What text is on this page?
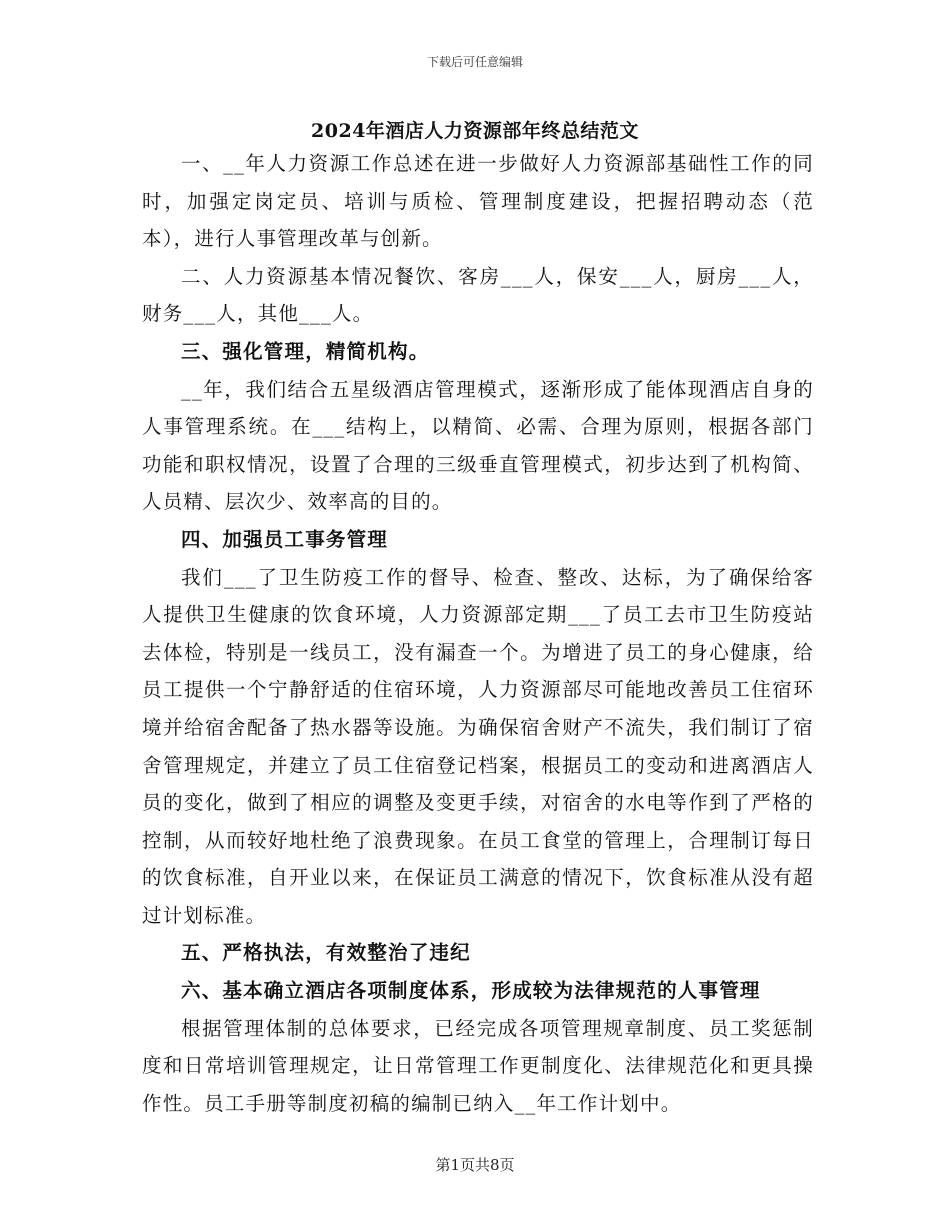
下载后可任意编辑
2024年酒店人力资源部年终总结范文

一、__年人力资源工作总述在进一步做好人力资源部基础性工作的同时，加强定岗定员、培训与质检、管理制度建设，把握招聘动态（范本），进行人事管理改革与创新。

二、人力资源基本情况餐饮、客房___人，保安___人，厨房___人，财务___人，其他___人。

三、强化管理，精简机构。

__年，我们结合五星级酒店管理模式，逐渐形成了能体现酒店自身的人事管理系统。在___结构上，以精简、必需、合理为原则，根据各部门功能和职权情况，设置了合理的三级垂直管理模式，初步达到了机构简、人员精、层次少、效率高的目的。

四、加强员工事务管理

我们___了卫生防疫工作的督导、检查、整改、达标，为了确保给客人提供卫生健康的饮食环境，人力资源部定期___了员工去市卫生防疫站去体检，特别是一线员工，没有漏查一个。为增进了员工的身心健康，给员工提供一个宁静舒适的住宿环境，人力资源部尽可能地改善员工住宿环境并给宿舍配备了热水器等设施。为确保宿舍财产不流失，我们制订了宿舍管理规定，并建立了员工住宿登记档案，根据员工的变动和进离酒店人员的变化，做到了相应的调整及变更手续，对宿舍的水电等作到了严格的控制，从而较好地杜绝了浪费现象。在员工食堂的管理上，合理制订每日的饮食标准，自开业以来，在保证员工满意的情况下，饮食标准从没有超过计划标准。

五、严格执法，有效整治了违纪

六、基本确立酒店各项制度体系，形成较为法律规范的人事管理

根据管理体制的总体要求，已经完成各项管理规章制度、员工奖惩制度和日常培训管理规定，让日常管理工作更制度化、法律规范化和更具操作性。员工手册等制度初稿的编制已纳入__年工作计划中。

第1页共8页
